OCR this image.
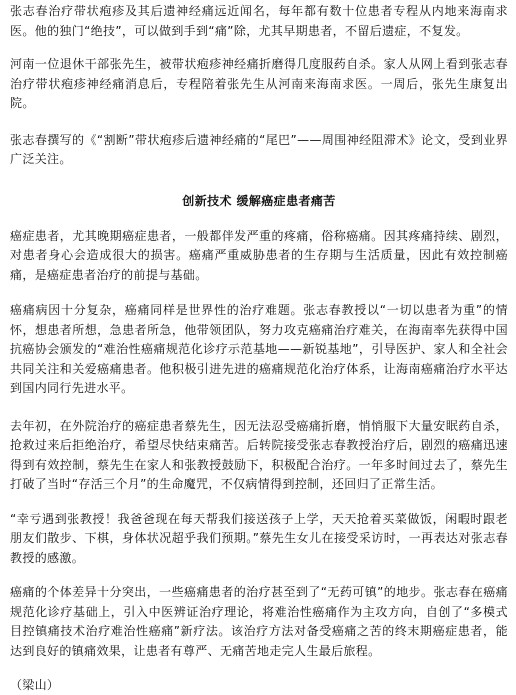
张志春治疗带状疱疹及其后遗神经痛远近闻名，每年都有数十位患者专程从内地来海南求医。他的独门“绝技”，可以做到手到“痛”除，尤其早期患者，不留后遗症，不复发。

河南一位退休干部张先生，被带状疱疹神经痛折磨得几度服药自杀。家人从网上看到张志春治疗带状疱疹神经痛消息后，专程陪着张先生从河南来海南求医。一周后，张先生康复出院。

张志春撰写的《“割断”带状疱疹后遗神经痛的“尾巴”——周围神经阻滞术》论文，受到业界广泛关注。

创新技术 缓解癌症患者痛苦

癌症患者，尤其晚期癌症患者，一般都伴发严重的疼痛，俗称癌痛。因其疼痛持续、剧烈，对患者身心会造成很大的损害。癌痛严重威胁患者的生存期与生活质量，因此有效控制癌痛，是癌症患者治疗的前提与基础。

癌痛病因十分复杂，癌痛同样是世界性的治疗难题。张志春教授以“一切以患者为重”的情怀，想患者所想，急患者所急，他带领团队，努力攻克癌痛治疗难关，在海南率先获得中国抗癌协会颁发的“难治性癌痛规范化诊疗示范基地——新锐基地”，引导医护、家人和全社会共同关注和关爱癌痛患者。他积极引进先进的癌痛规范化治疗体系，让海南癌痛治疗水平达到国内同行先进水平。

去年初，在外院治疗的癌症患者蔡先生，因无法忍受癌痛折磨，悄悄服下大量安眠药自杀，抢救过来后拒绝治疗，希望尽快结束痛苦。后转院接受张志春教授治疗后，剧烈的癌痛迅速得到有效控制，蔡先生在家人和张教授鼓励下，积极配合治疗。一年多时间过去了，蔡先生打破了当时“存活三个月”的生命魔咒，不仅病情得到控制，还回归了正常生活。

“幸亏遇到张教授！我爸爸现在每天帮我们接送孩子上学，天天抢着买菜做饭，闲暇时跟老朋友们散步、下棋，身体状况超乎我们预期。”蔡先生女儿在接受采访时，一再表达对张志春教授的感激。

癌痛的个体差异十分突出，一些癌痛患者的治疗甚至到了“无药可镇”的地步。张志春在癌痛规范化诊疗基础上，引入中医辨证治疗理论，将难治性癌痛作为主攻方向，自创了“多模式目控镇痛技术治疗难治性癌痛”新疗法。该治疗方法对备受癌痛之苦的终末期癌症患者，能达到良好的镇痛效果，让患者有尊严、无痛苦地走完人生最后旅程。

（梁山）
